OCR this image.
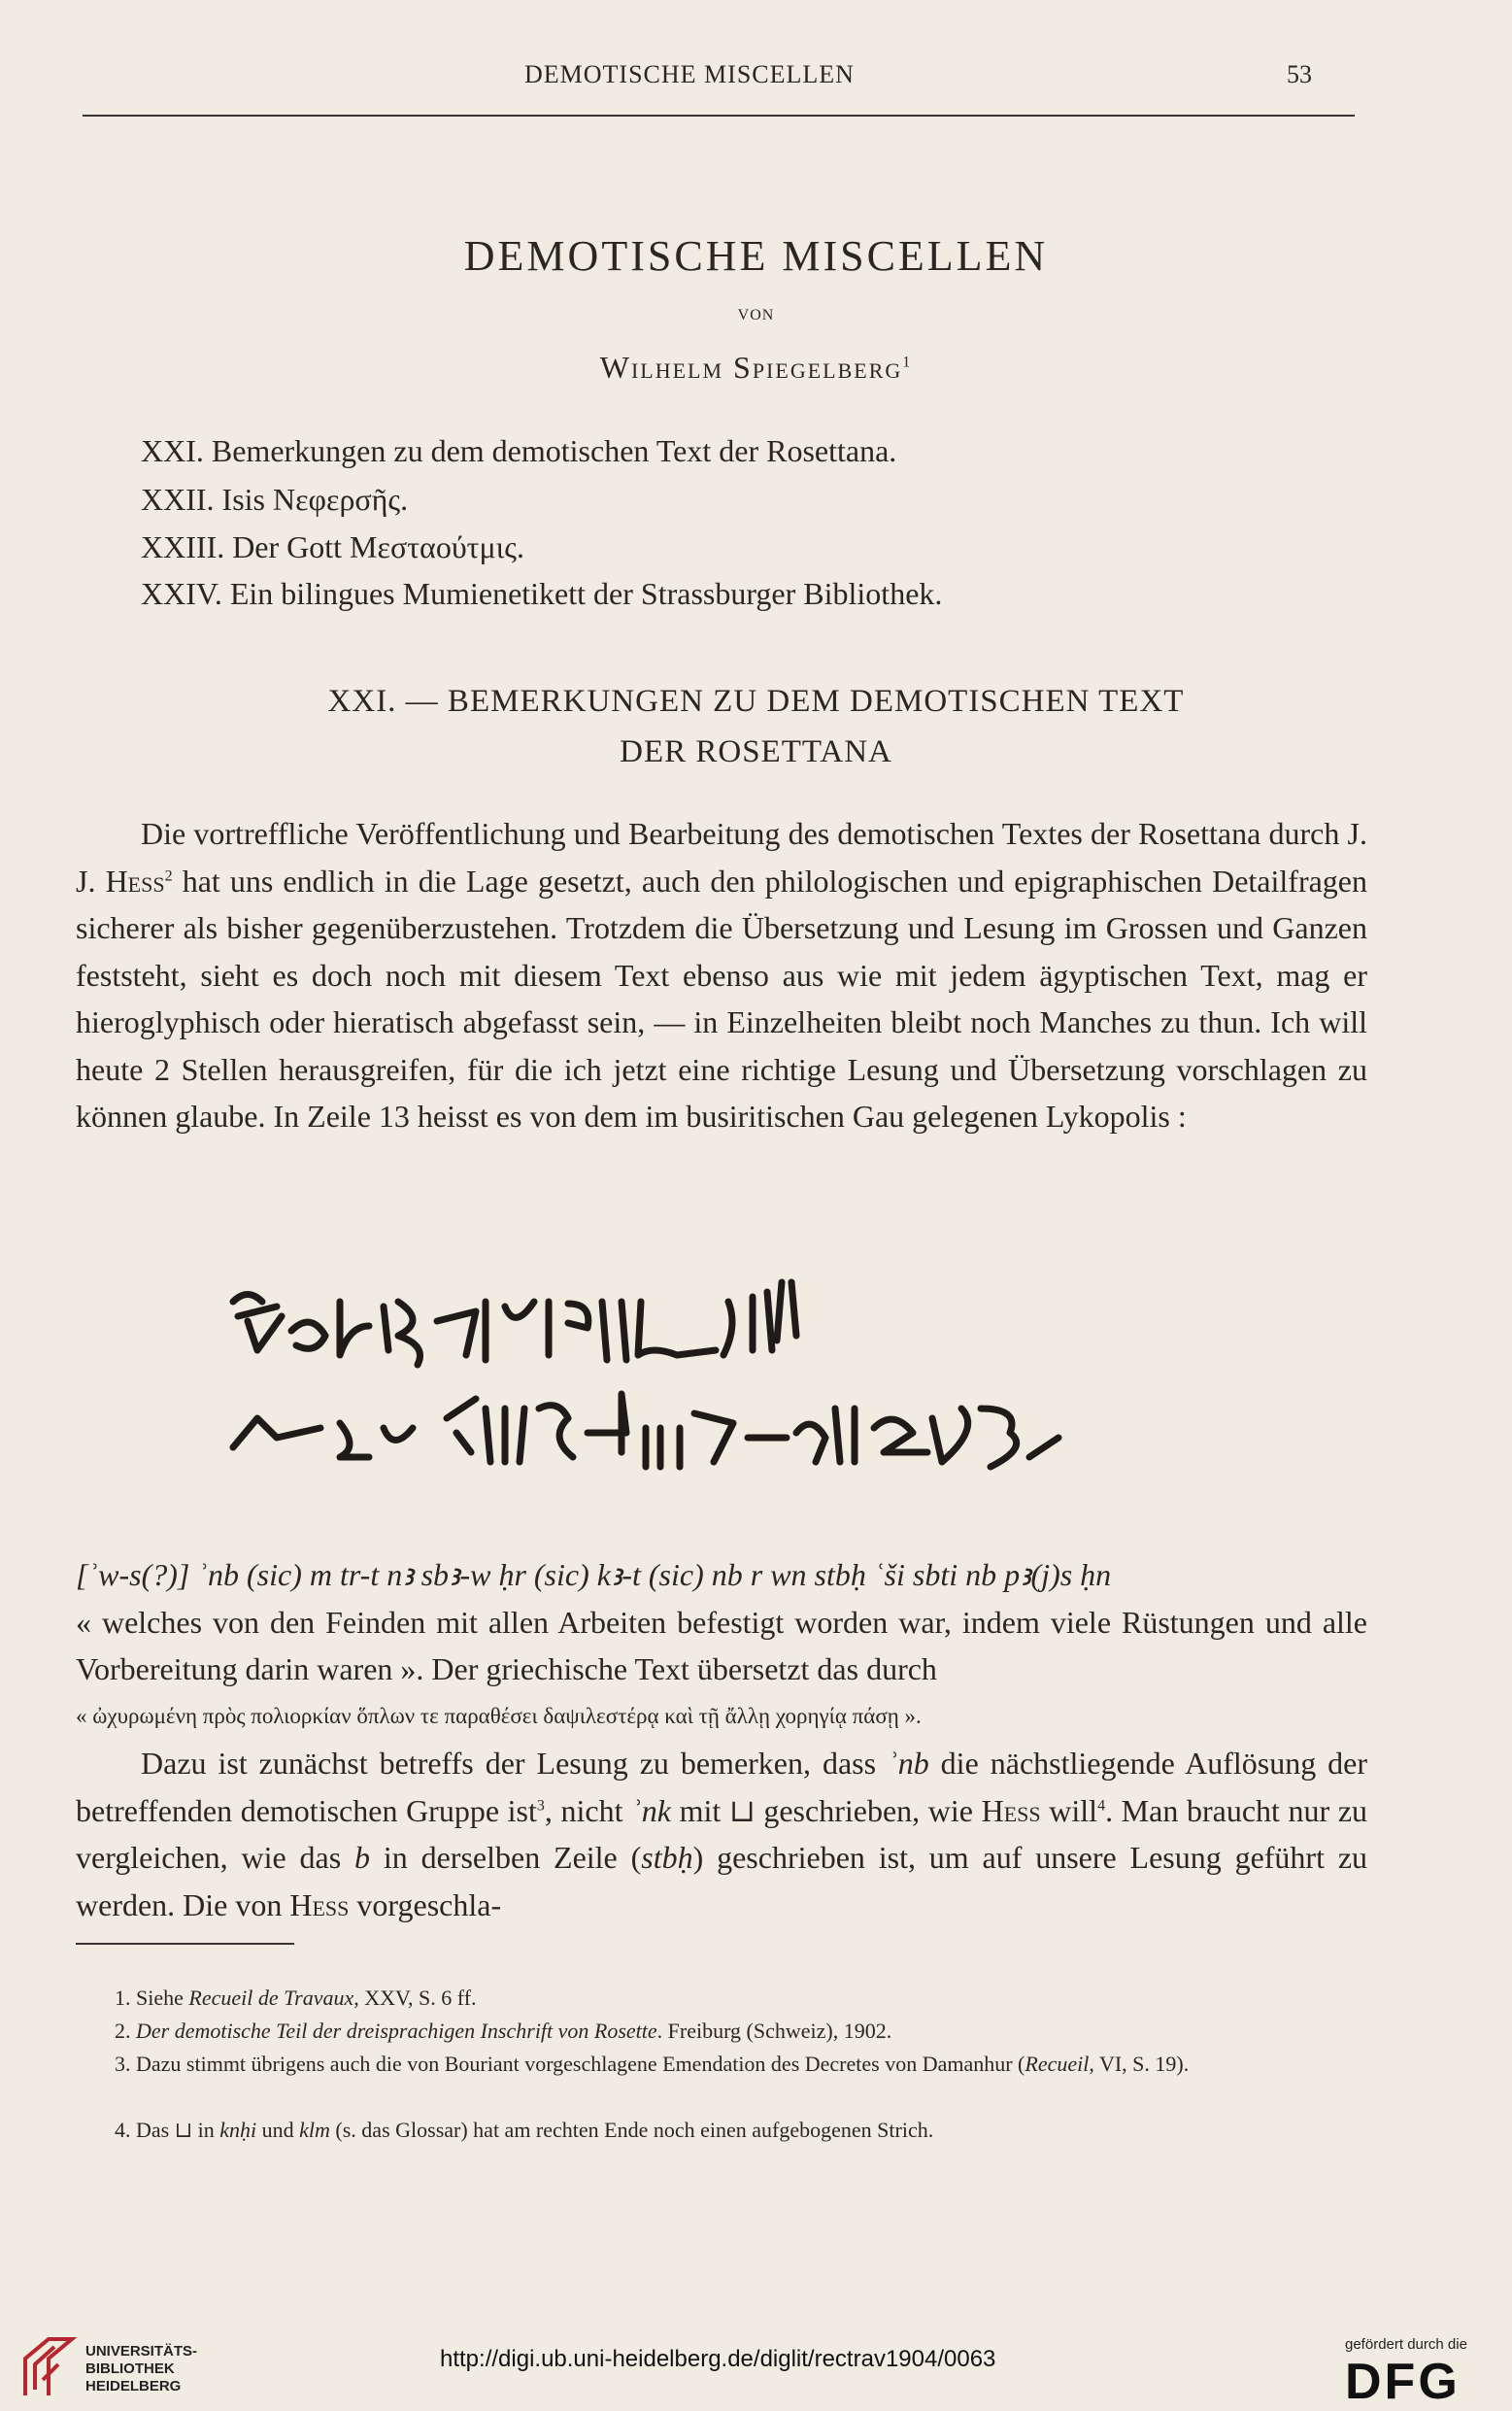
DEMOTISCHE MISCELLEN	53
DEMOTISCHE MISCELLEN
VON
Wilhelm Spiegelberg$^1$
XXI. Bemerkungen zu dem demotischen Text der Rosettana.
XXII. Isis Νεφερσῆς.
XXIII. Der Gott Μεσταούτμις.
XXIV. Ein bilingues Mumienetikett der Strassburger Bibliothek.
XXI. — BEMERKUNGEN ZU DEM DEMOTISCHEN TEXT
DER ROSETTANA
Die vortreffliche Veröffentlichung und Bearbeitung des demotischen Textes der Rosettana durch J. J. Hess$^2$ hat uns endlich in die Lage gesetzt, auch den philologischen und epigraphischen Detailfragen sicherer als bisher gegenüberzustehen. Trotzdem die Übersetzung und Lesung im Grossen und Ganzen feststeht, sieht es doch noch mit diesem Text ebenso aus wie mit jedem ägyptischen Text, mag er hieroglyphisch oder hieratisch abgefasst sein, — in Einzelheiten bleibt noch Manches zu thun. Ich will heute 2 Stellen herausgreifen, für die ich jetzt eine richtige Lesung und Übersetzung vorschlagen zu können glaube. In Zeile 13 heisst es von dem im busiritischen Gau gelegenen Lykopolis :
[ʾw-s(?)] ʾnb (sic) m tr-t nꜣ sbꜣ-w ḥr (sic) kꜣ-t (sic) nb r wn stbḥ ʿši sbti nb pꜣ(j)s ḥn
« welches von den Feinden mit allen Arbeiten befestigt worden war, indem viele Rüstungen und alle Vorbereitung darin waren ». Der griechische Text übersetzt das durch
« ὠχυρωμένη πρὸς πολιορκίαν ὅπλων τε παραθέσει δαψιλεστέρᾳ καὶ τῇ ἄλλῃ χορηγίᾳ πάσῃ ».
Dazu ist zunächst betreffs der Lesung zu bemerken, dass ʾnb die nächstliegende Auflösung der betreffenden demotischen Gruppe ist$^3$, nicht ʾnk mit ⊔ geschrieben, wie Hess will$^4$. Man braucht nur zu vergleichen, wie das b in derselben Zeile (stbḥ) geschrieben ist, um auf unsere Lesung geführt zu werden. Die von Hess vorgeschla-
1. Siehe Recueil de Travaux, XXV, S. 6 ff.
2. Der demotische Teil der dreisprachigen Inschrift von Rosette. Freiburg (Schweiz), 1902.
3. Dazu stimmt übrigens auch die von Bouriant vorgeschlagene Emendation des Decretes von Damanhur (Recueil, VI, S. 19).
4. Das ⊔ in knḥi und klm (s. das Glossar) hat am rechten Ende noch einen aufgebogenen Strich.
UNIVERSITÄTS-
BIBLIOTHEK
HEIDELBERG
http://digi.ub.uni-heidelberg.de/diglit/rectrav1904/0063
gefördert durch die
DFG
